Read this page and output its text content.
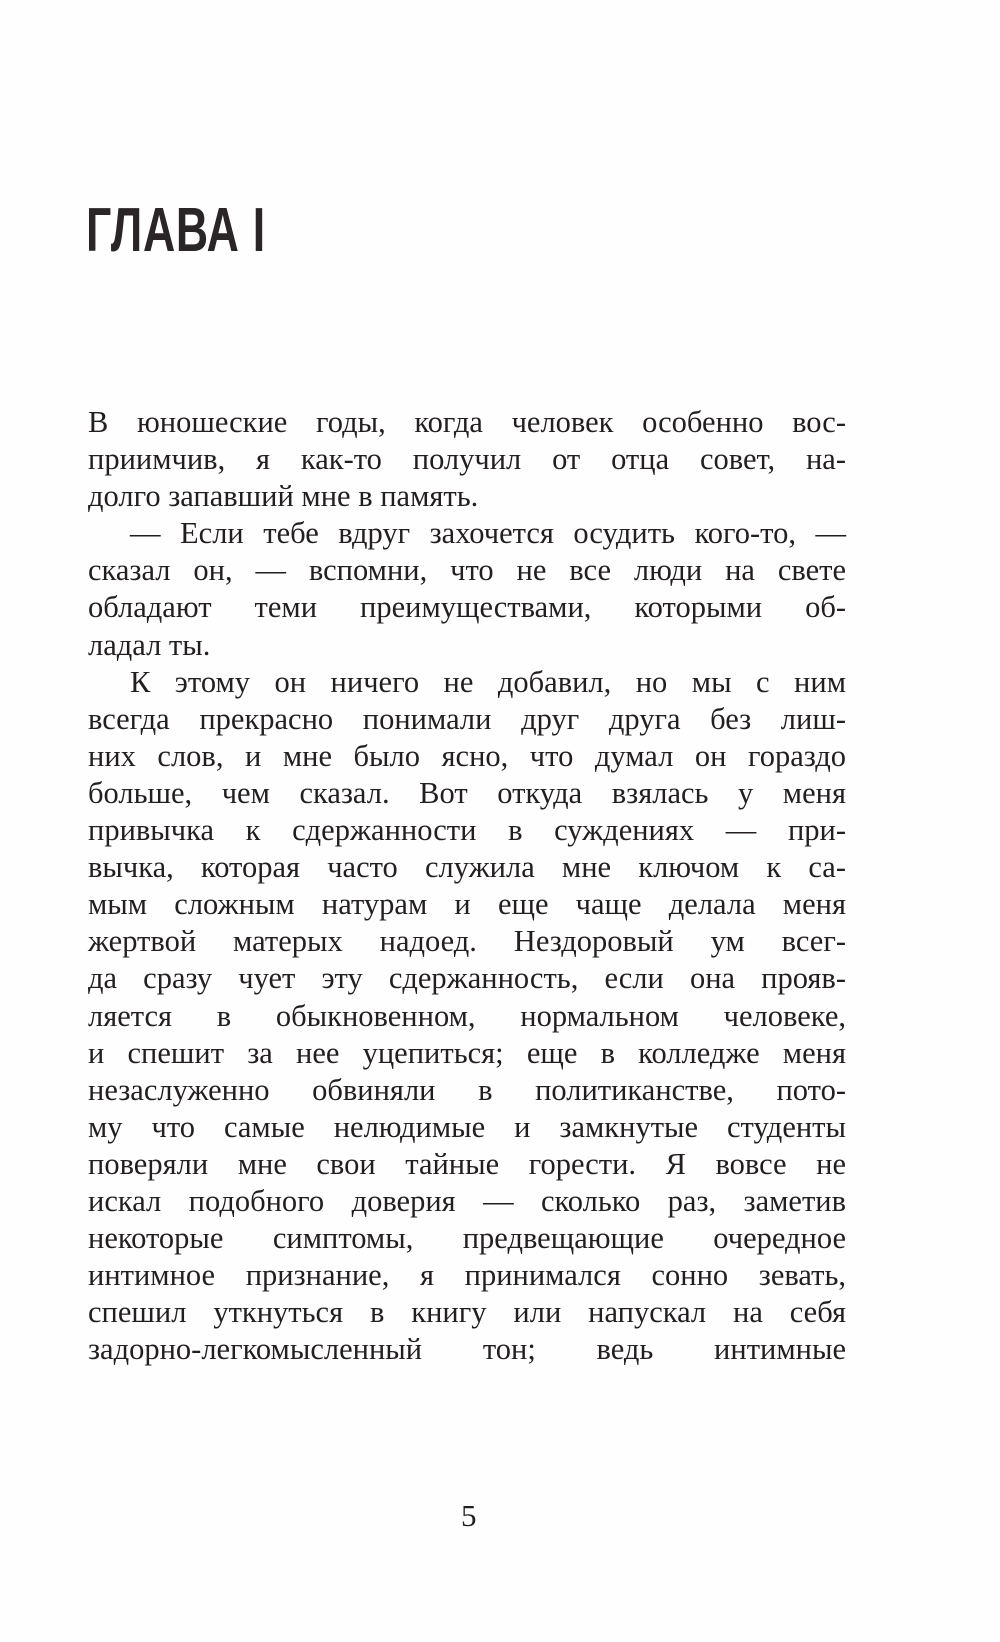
ГЛАВА I
В юношеские годы, когда человек особенно вос-
приимчив, я как-то получил от отца совет, на-
долго запавший мне в память.
— Если тебе вдруг захочется осудить кого-то, —
сказал он, — вспомни, что не все люди на свете
обладают теми преимуществами, которыми об-
ладал ты.
К этому он ничего не добавил, но мы с ним
всегда прекрасно понимали друг друга без лиш-
них слов, и мне было ясно, что думал он гораздо
больше, чем сказал. Вот откуда взялась у меня
привычка к сдержанности в суждениях — при-
вычка, которая часто служила мне ключом к са-
мым сложным натурам и еще чаще делала меня
жертвой матерых надоед. Нездоровый ум всег-
да сразу чует эту сдержанность, если она прояв-
ляется в обыкновенном, нормальном человеке,
и спешит за нее уцепиться; еще в колледже меня
незаслуженно обвиняли в политиканстве, пото-
му что самые нелюдимые и замкнутые студенты
поверяли мне свои тайные горести. Я вовсе не
искал подобного доверия — сколько раз, заметив
некоторые симптомы, предвещающие очередное
интимное признание, я принимался сонно зевать,
спешил уткнуться в книгу или напускал на себя
задорно-легкомысленный тон; ведь интимные
5
